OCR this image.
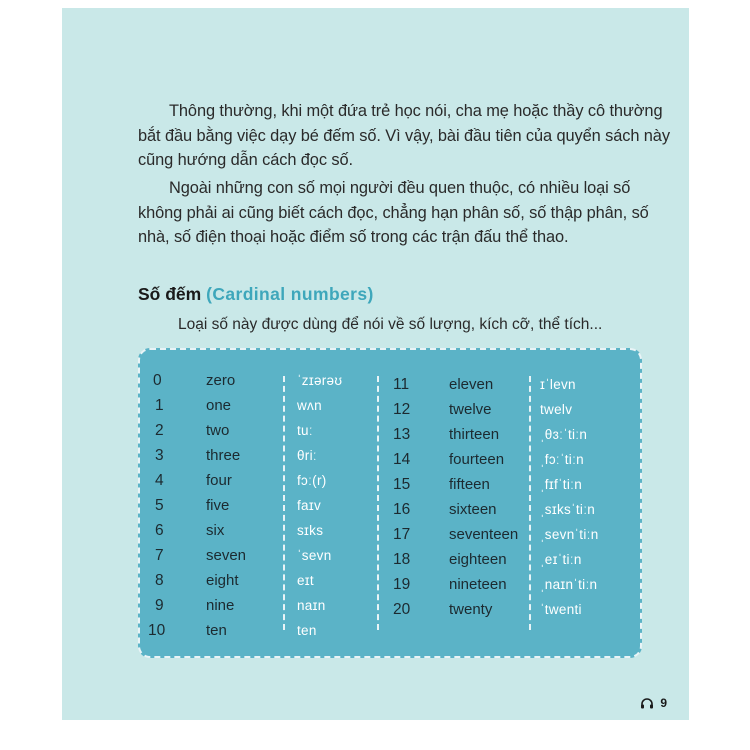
Thông thường, khi một đứa trẻ học nói, cha mẹ hoặc thầy cô thường bắt đầu bằng việc dạy bé đếm số. Vì vậy, bài đầu tiên của quyển sách này cũng hướng dẫn cách đọc số.

Ngoài những con số mọi người đều quen thuộc, có nhiều loại số không phải ai cũng biết cách đọc, chẳng hạn phân số, số thập phân, số nhà, số điện thoại hoặc điểm số trong các trận đấu thể thao.

Số đếm (Cardinal numbers)
Loại số này được dùng để nói về số lượng, kích cỡ, thể tích...
0	zero	ˈzɪərəʊ
1	one	wʌn
2	two	tuː
3	three	θriː
4	four	fɔː(r)
5	five	faɪv
6	six	sɪks
7	seven	ˈsevn
8	eight	eɪt
9	nine	naɪn
10	ten	ten
11	eleven	ɪˈlevn
12	twelve	twelv
13	thirteen	ˌθɜːˈtiːn
14	fourteen	ˌfɔːˈtiːn
15	fifteen	ˌfɪfˈtiːn
16	sixteen	ˌsɪksˈtiːn
17	seventeen ˌsevnˈtiːn
18	eighteen ˌeɪˈtiːn
19	nineteen ˌnaɪnˈtiːn
20	twenty	ˈtwenti
9
